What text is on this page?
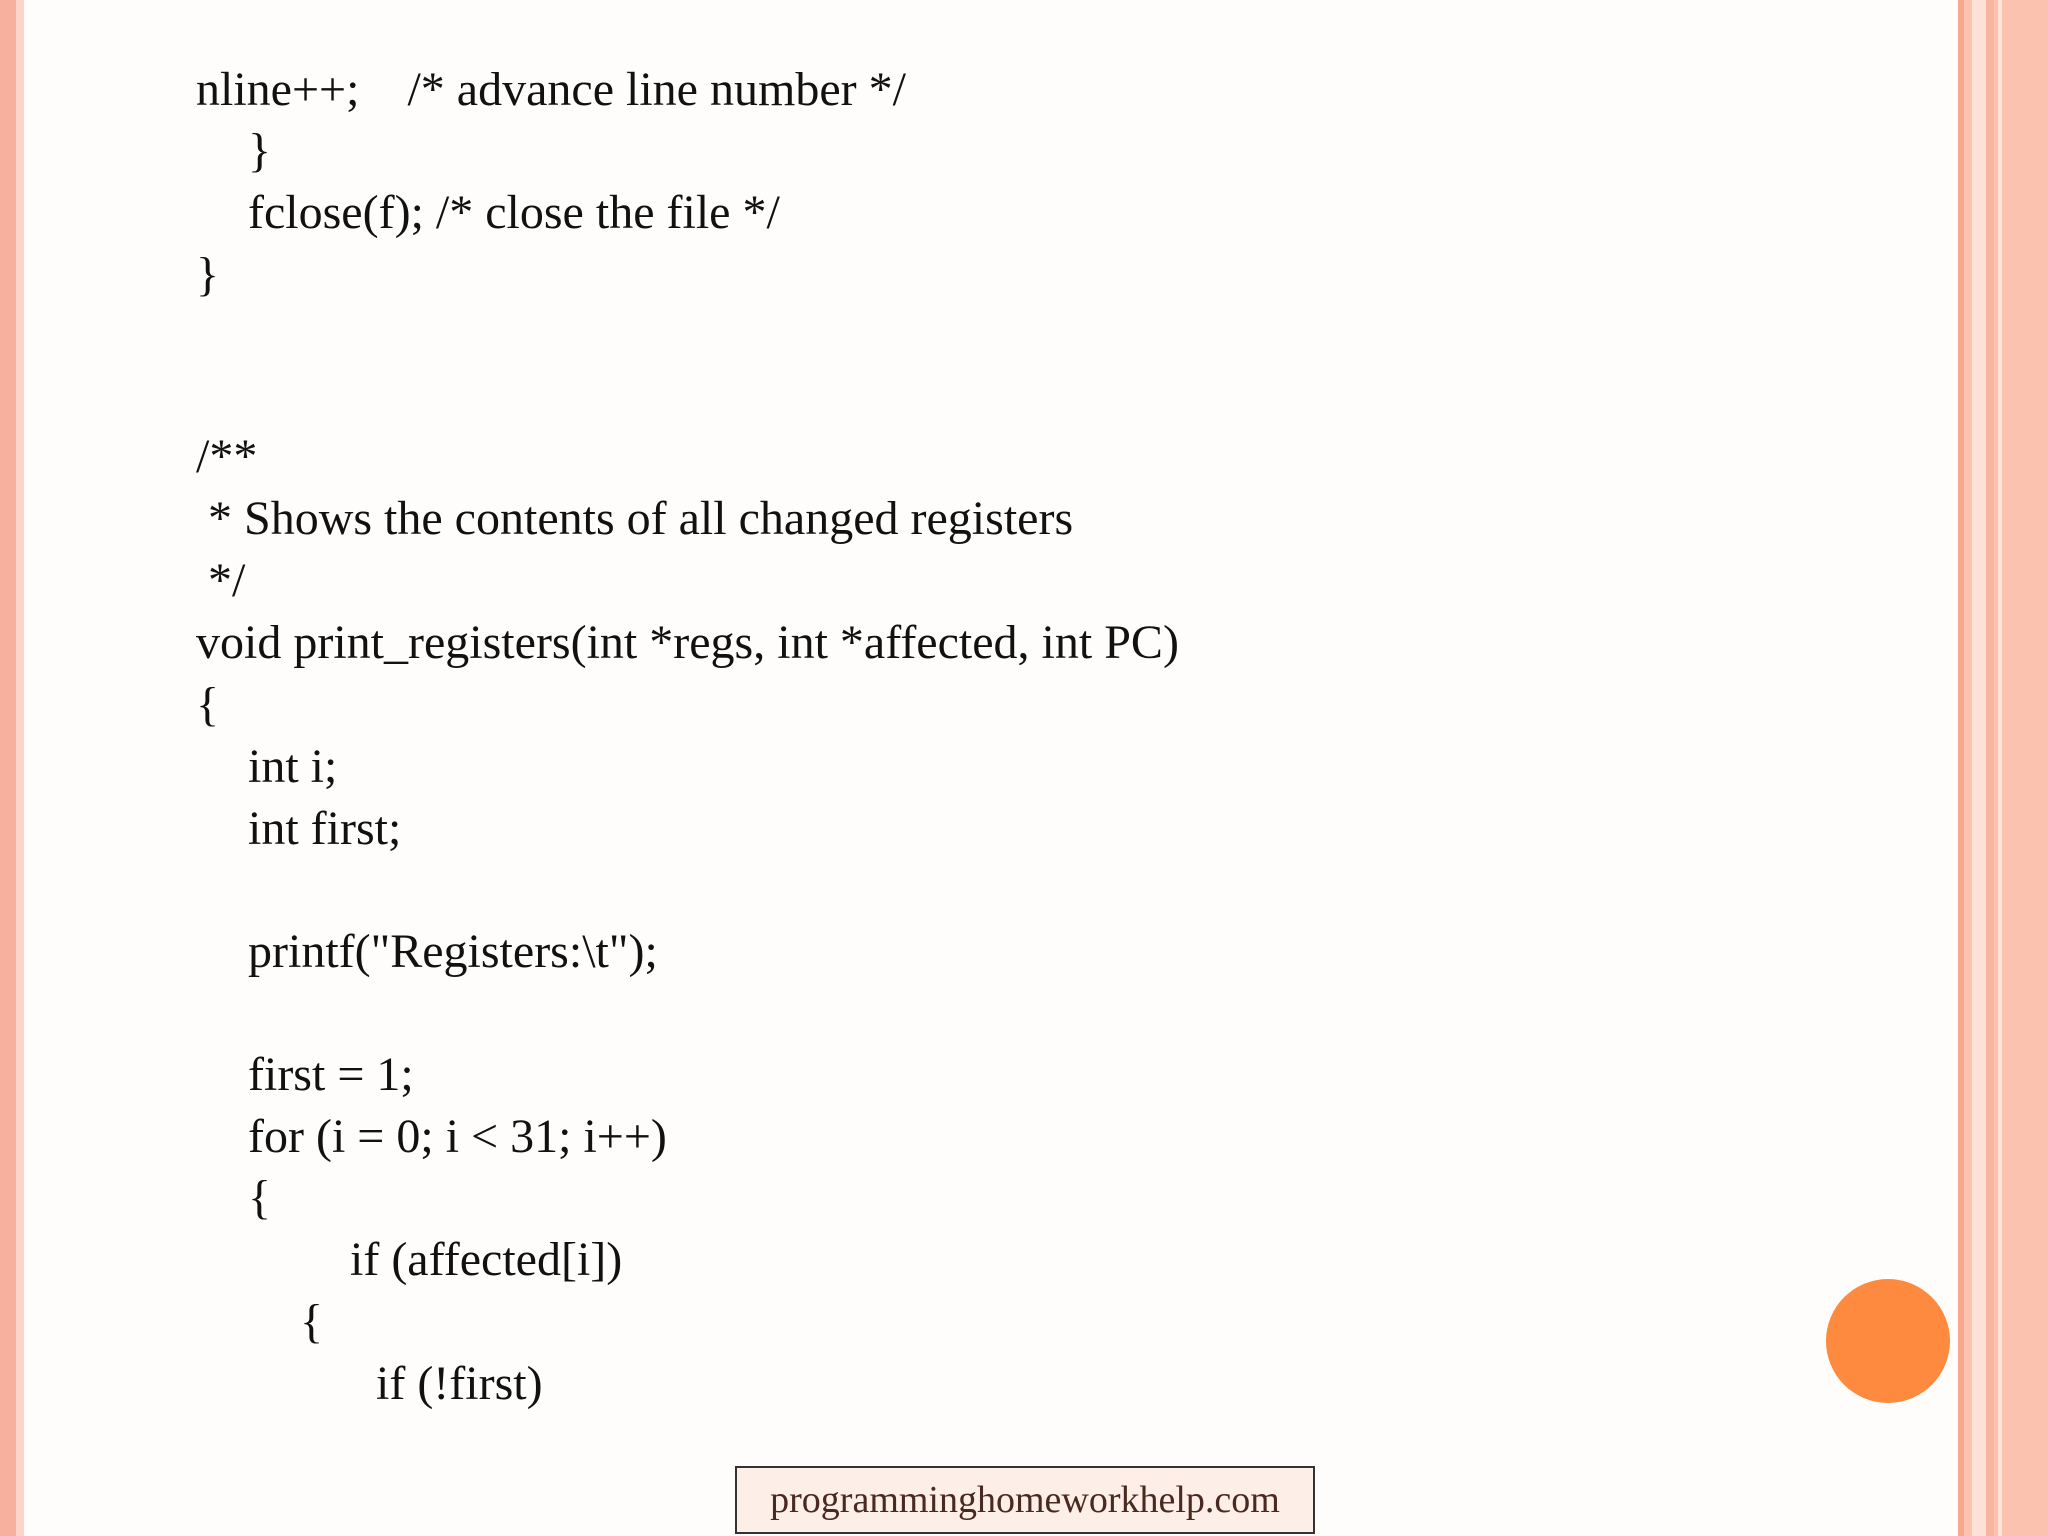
nline++;    /* advance line number */
}
fclose(f); /* close the file */
}
/**
* Shows the contents of all changed registers
*/
void print_registers(int *regs, int *affected, int PC)
{
int i;
int first;
printf("Registers:\t");
first = 1;
for (i = 0; i < 31; i++)
{
if (affected[i])
{
if (!first)
programminghomeworkhelp.com
